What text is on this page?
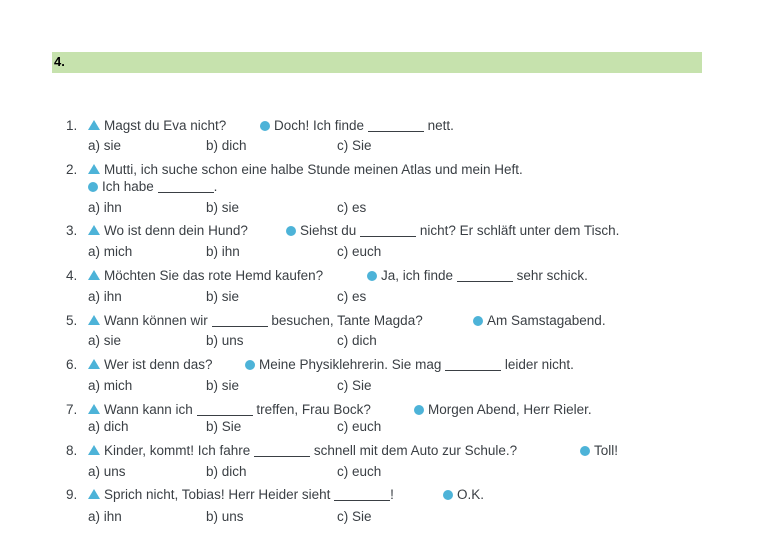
4.
1.	Magst du Eva nicht?	Doch! Ich finde	nett.
a) sie	b) dich	c) Sie
2.	Mutti, ich suche schon eine halbe Stunde meinen Atlas und mein Heft.
Ich habe	.
a) ihn	b) sie	c) es
3.	Wo ist denn dein Hund?	Siehst du	nicht? Er schläft unter dem Tisch.
a) mich	b) ihn	c) euch
4.	Möchten Sie das rote Hemd kaufen?	Ja, ich finde	sehr schick.
a) ihn	b) sie	c) es
5.	Wann können wir	besuchen, Tante Magda?	Am Samstagabend.
a) sie	b) uns	c) dich
6.	Wer ist denn das?	Meine Physiklehrerin. Sie mag	leider nicht.
a) mich	b) sie	c) Sie
7.	Wann kann ich	treffen, Frau Bock?	Morgen Abend, Herr Rieler.
a) dich	b) Sie	c) euch
8.	Kinder, kommt! Ich fahre	schnell mit dem Auto zur Schule.?	Toll!
a) uns	b) dich	c) euch
9.	Sprich nicht, Tobias! Herr Heider sieht	!	O.K.
a) ihn	b) uns	c) Sie
